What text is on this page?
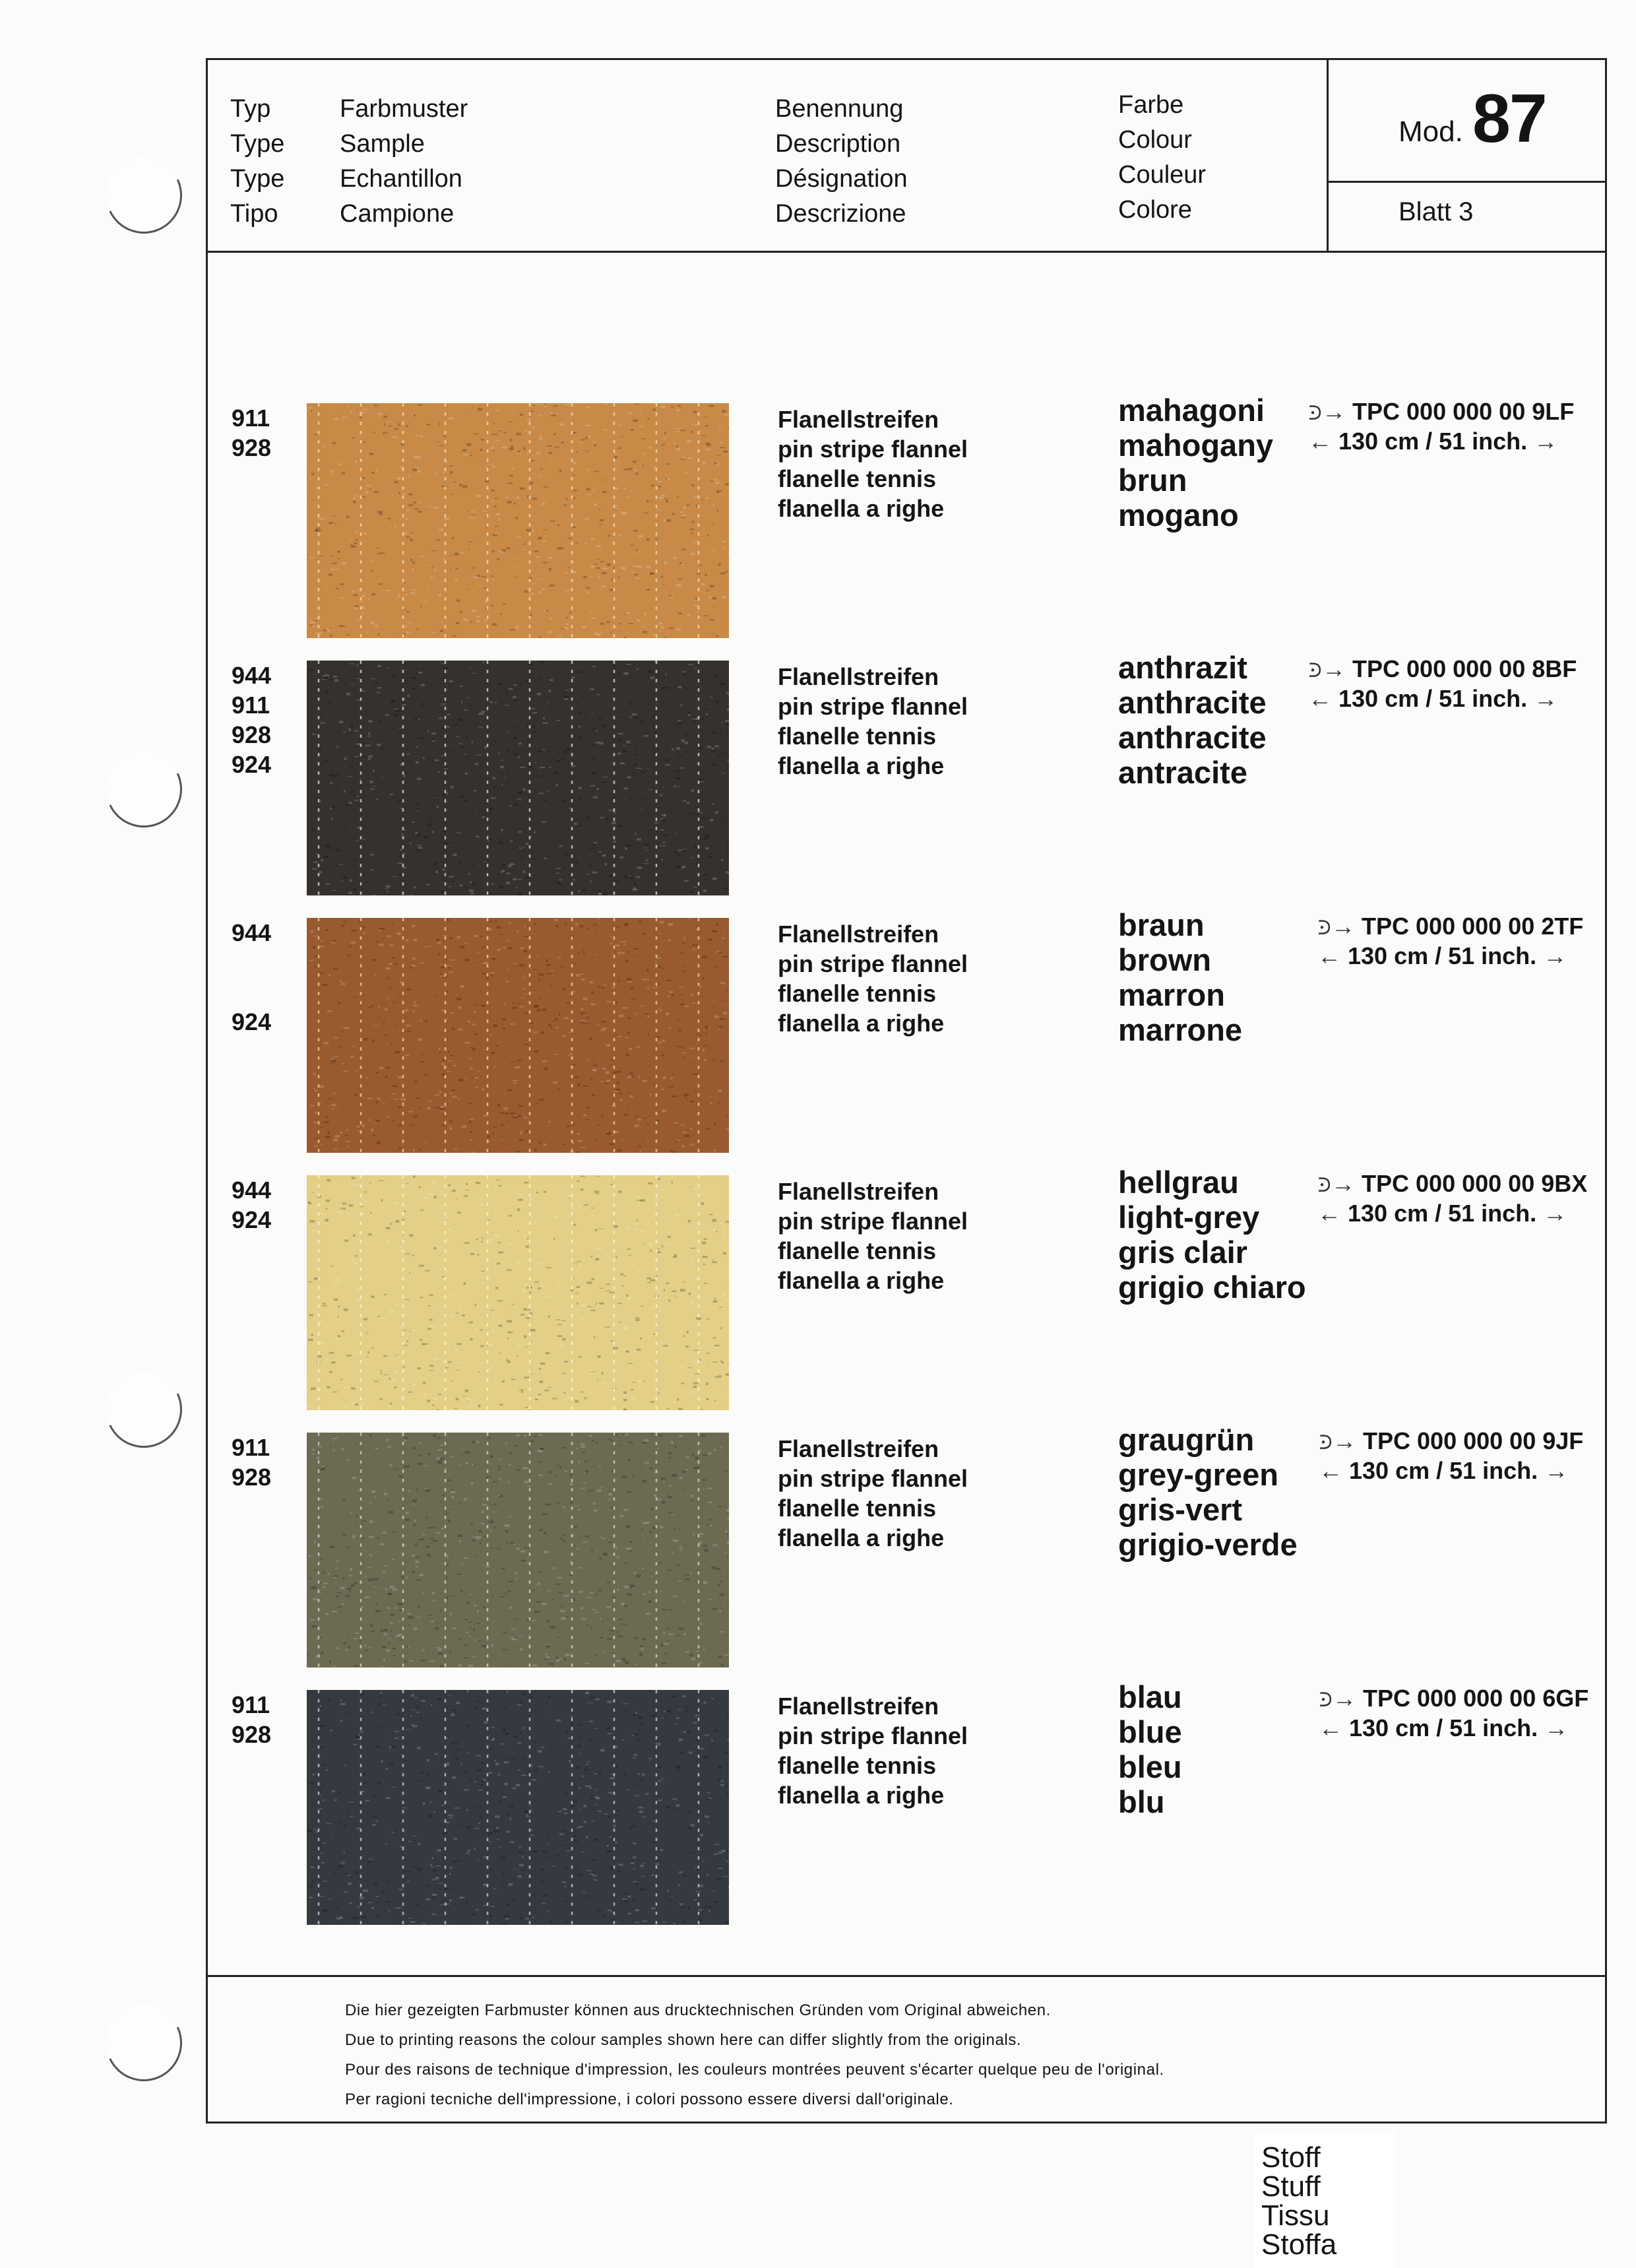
Typ
Type
Type
Tipo
Farbmuster
Sample
Echantillon
Campione
Benennung
Description
Désignation
Descrizione
Farbe
Colour
Couleur
Colore
Mod. 87
Blatt 3
911
928
Flanellstreifen
pin stripe flannel
flanelle tennis
flanella a righe
mahagoni
mahogany
brun
mogano
⪾→ TPC 000 000 00 9LF
← 130 cm / 51 inch. →
944
911
928
924
Flanellstreifen
pin stripe flannel
flanelle tennis
flanella a righe
anthrazit
anthracite
anthracite
antracite
⪾→ TPC 000 000 00 8BF
← 130 cm / 51 inch. →
944
924
Flanellstreifen
pin stripe flannel
flanelle tennis
flanella a righe
braun
brown
marron
marrone
⪾→ TPC 000 000 00 2TF
← 130 cm / 51 inch. →
944
924
Flanellstreifen
pin stripe flannel
flanelle tennis
flanella a righe
hellgrau
light-grey
gris clair
grigio chiaro
⪾→ TPC 000 000 00 9BX
← 130 cm / 51 inch. →
911
928
Flanellstreifen
pin stripe flannel
flanelle tennis
flanella a righe
graugrün
grey-green
gris-vert
grigio-verde
⪾→ TPC 000 000 00 9JF
← 130 cm / 51 inch. →
911
928
Flanellstreifen
pin stripe flannel
flanelle tennis
flanella a righe
blau
blue
bleu
blu
⪾→ TPC 000 000 00 6GF
← 130 cm / 51 inch. →
Die hier gezeigten Farbmuster können aus drucktechnischen Gründen vom Original abweichen.
Due to printing reasons the colour samples shown here can differ slightly from the originals.
Pour des raisons de technique d'impression, les couleurs montrées peuvent s'écarter quelque peu de l'original.
Per ragioni tecniche dell'impressione, i colori possono essere diversi dall'originale.
Stoff
Stuff
Tissu
Stoffa
